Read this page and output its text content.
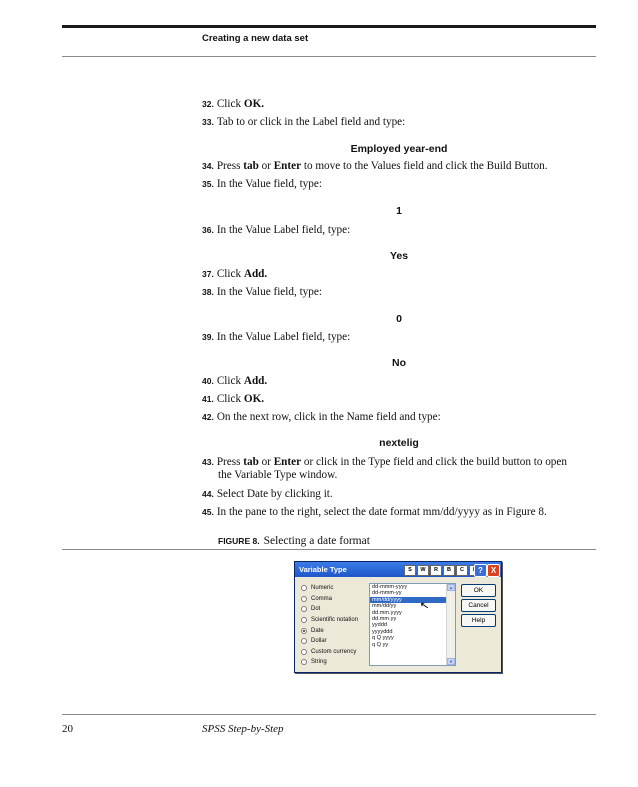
Creating a new data set
32. Click OK.
33. Tab to or click in the Label field and type:
Employed year-end
34. Press tab or Enter to move to the Values field and click the Build Button.
35. In the Value field, type:
1
36. In the Value Label field, type:
Yes
37. Click Add.
38. In the Value field, type:
0
39. In the Value Label field, type:
No
40. Click Add.
41. Click OK.
42. On the next row, click in the Name field and type:
nextelig
43. Press tab or Enter or click in the Type field and click the build button to open
the Variable Type window.
44. Select Date by clicking it.
45. In the pane to the right, select the date format mm/dd/yyyy as in Figure 8.
FIGURE 8. Selecting a date format
Variable Type	S	W	R	B	C	? X
Numeric
Comma
Dot
Scientific notation
Date
Dollar
Custom currency
String
dd-mmm-yyyy
dd-mmm-yy
mm/dd/yyyy
mm/dd/yy
dd.mm.yyyy
dd.mm.yy
yyddd
yyyyddd
q Q yyyy
q Q yy
▲
▼
↖
OK
Cancel
Help
20	SPSS Step-by-Step
